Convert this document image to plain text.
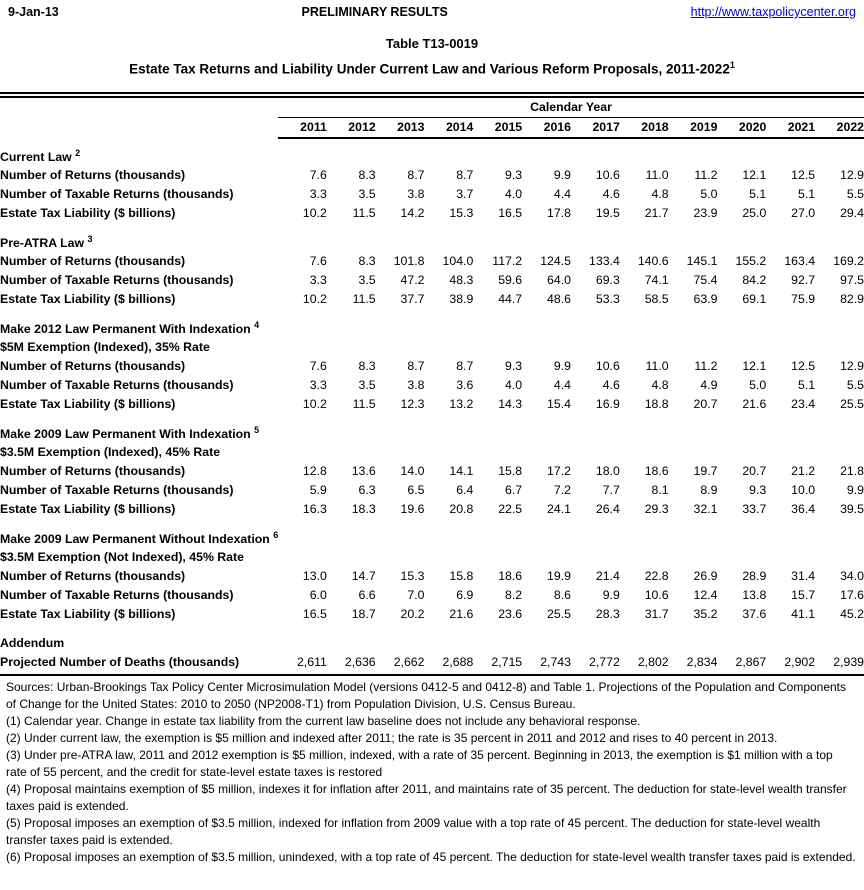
9-Jan-13	PRELIMINARY RESULTS	http://www.taxpolicycenter.org
Table T13-0019
Estate Tax Returns and Liability Under Current Law and Various Reform Proposals, 2011-2022$^1$
	Calendar Year											
	2011	2012	2013	2014	2015	2016	2017	2018	2019	2020	2021	2022

Current Law $^2$
Number of Returns (thousands)	7.6	8.3	8.7	8.7	9.3	9.9	10.6	11.0	11.2	12.1	12.5	12.9
Number of Taxable Returns (thousands)	3.3	3.5	3.8	3.7	4.0	4.4	4.6	4.8	5.0	5.1	5.1	5.5
Estate Tax Liability ($ billions)	10.2	11.5	14.2	15.3	16.5	17.8	19.5	21.7	23.9	25.0	27.0	29.4

Pre-ATRA Law $^3$
Number of Returns (thousands)	7.6	8.3	101.8	104.0	117.2	124.5	133.4	140.6	145.1	155.2	163.4	169.2
Number of Taxable Returns (thousands)	3.3	3.5	47.2	48.3	59.6	64.0	69.3	74.1	75.4	84.2	92.7	97.5
Estate Tax Liability ($ billions)	10.2	11.5	37.7	38.9	44.7	48.6	53.3	58.5	63.9	69.1	75.9	82.9

Make 2012 Law Permanent With Indexation $^4$
$5M Exemption (Indexed), 35% Rate												
Number of Returns (thousands)	7.6	8.3	8.7	8.7	9.3	9.9	10.6	11.0	11.2	12.1	12.5	12.9
Number of Taxable Returns (thousands)	3.3	3.5	3.8	3.6	4.0	4.4	4.6	4.8	4.9	5.0	5.1	5.5
Estate Tax Liability ($ billions)	10.2	11.5	12.3	13.2	14.3	15.4	16.9	18.8	20.7	21.6	23.4	25.5

Make 2009 Law Permanent With Indexation $^5$
$3.5M Exemption (Indexed), 45% Rate												
Number of Returns (thousands)	12.8	13.6	14.0	14.1	15.8	17.2	18.0	18.6	19.7	20.7	21.2	21.8
Number of Taxable Returns (thousands)	5.9	6.3	6.5	6.4	6.7	7.2	7.7	8.1	8.9	9.3	10.0	9.9
Estate Tax Liability ($ billions)	16.3	18.3	19.6	20.8	22.5	24.1	26.4	29.3	32.1	33.7	36.4	39.5

Make 2009 Law Permanent Without Indexation $^6$
$3.5M Exemption (Not Indexed), 45% Rate												
Number of Returns (thousands)	13.0	14.7	15.3	15.8	18.6	19.9	21.4	22.8	26.9	28.9	31.4	34.0
Number of Taxable Returns (thousands)	6.0	6.6	7.0	6.9	8.2	8.6	9.9	10.6	12.4	13.8	15.7	17.6
Estate Tax Liability ($ billions)	16.5	18.7	20.2	21.6	23.6	25.5	28.3	31.7	35.2	37.6	41.1	45.2

Addendum												
Projected Number of Deaths (thousands)	2,611	2,636	2,662	2,688	2,715	2,743	2,772	2,802	2,834	2,867	2,902	2,939
Sources: Urban-Brookings Tax Policy Center Microsimulation Model (versions 0412-5 and 0412-8) and Table 1. Projections of the Population and Components of Change for the United States: 2010 to 2050 (NP2008-T1) from Population Division, U.S. Census Bureau.
(1) Calendar year. Change in estate tax liability from the current law baseline does not include any behavioral response.
(2) Under current law, the exemption is $5 million and indexed after 2011; the rate is 35 percent in 2011 and 2012 and rises to 40 percent in 2013.
(3) Under pre-ATRA law, 2011 and 2012 exemption is $5 million, indexed, with a rate of 35 percent. Beginning in 2013, the exemption is $1 million with a top rate of 55 percent, and the credit for state-level estate taxes is restored
(4) Proposal maintains exemption of $5 million, indexes it for inflation after 2011, and maintains rate of 35 percent. The deduction for state-level wealth transfer taxes paid is extended.
(5) Proposal imposes an exemption of $3.5 million, indexed for inflation from 2009 value with a top rate of 45 percent. The deduction for state-level wealth transfer taxes paid is extended.
(6) Proposal imposes an exemption of $3.5 million, unindexed, with a top rate of 45 percent. The deduction for state-level wealth transfer taxes paid is extended.
